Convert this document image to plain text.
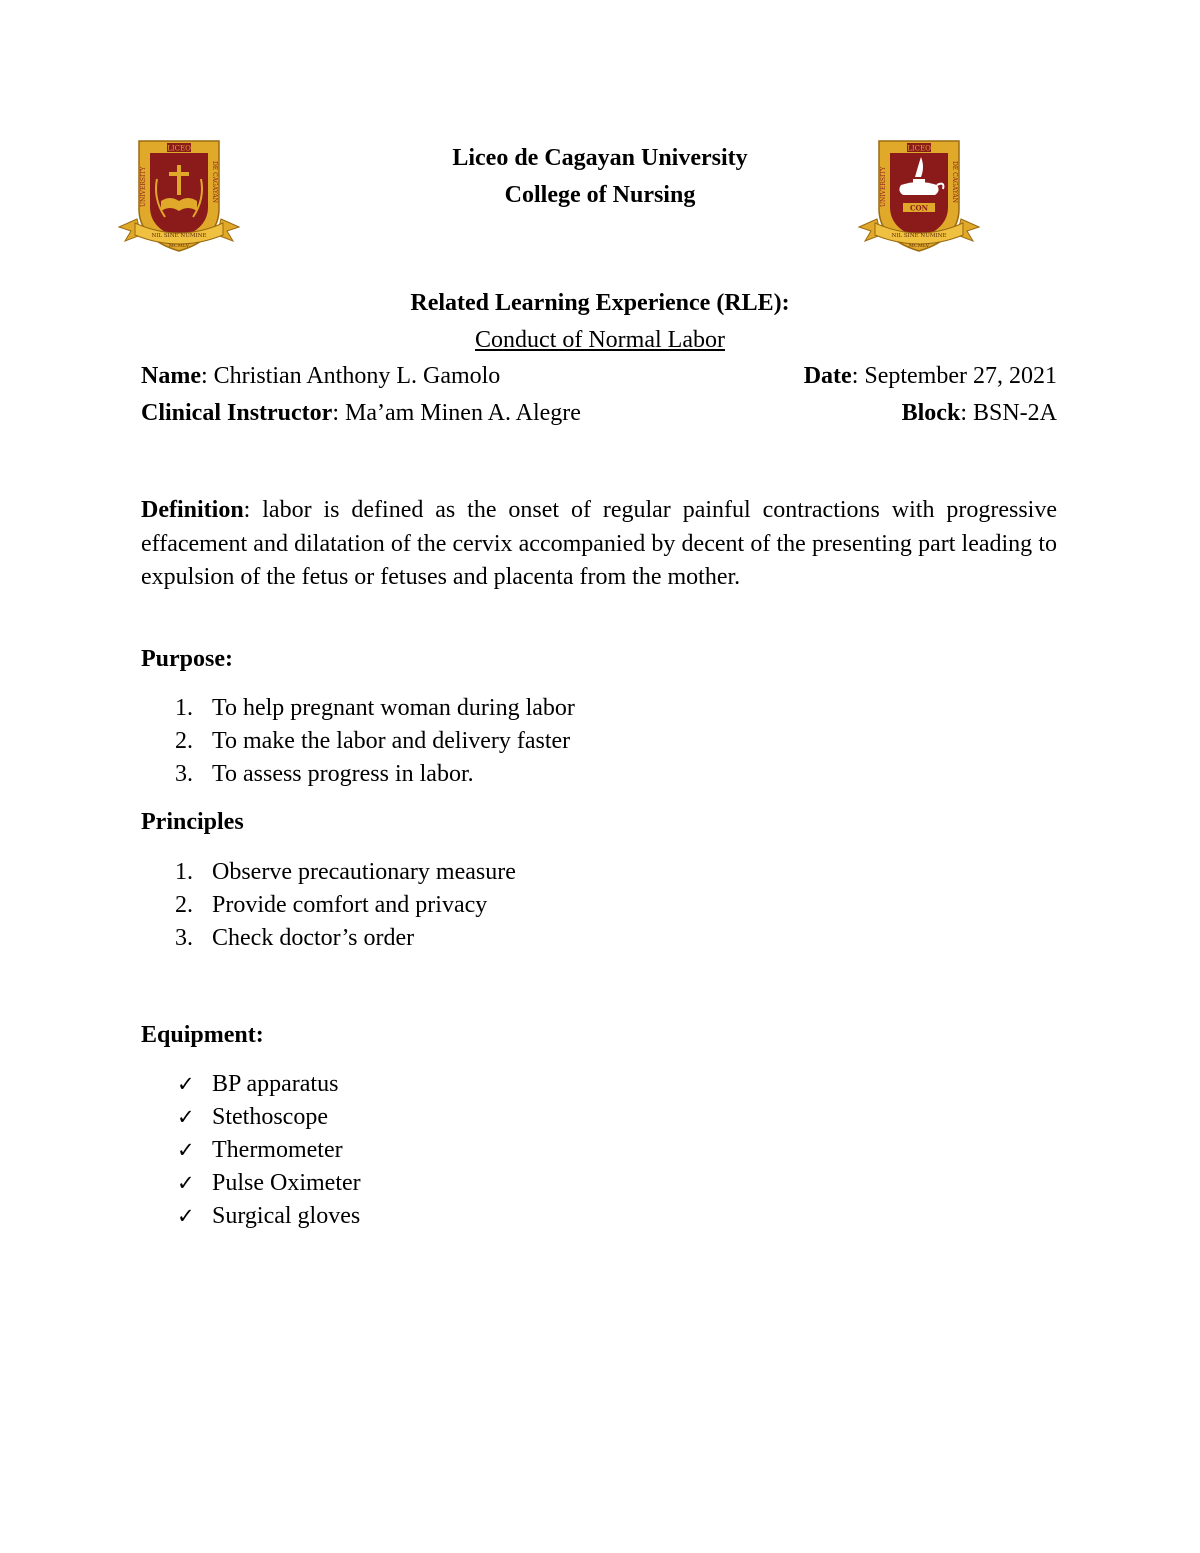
LICEO
UNIVERSITY	DE CAGAYAN
NIL SINE NUMINE
MCMLV
LICEO
UNIVERSITY	DE CAGAYAN
CON
NIL SINE NUMINE
MCMLV
Liceo de Cagayan University
College of Nursing
Related Learning Experience (RLE):
Conduct of Normal Labor
Name: Christian Anthony L. Gamolo	Date: September 27, 2021
Clinical Instructor: Ma’am Minen A. Alegre	Block: BSN-2A

Definition: labor is defined as the onset of regular painful contractions with progressive effacement and dilatation of the cervix accompanied by decent of the presenting part leading to expulsion of the fetus or fetuses and placenta from the mother.

Purpose:
1. To help pregnant woman during labor
2. To make the labor and delivery faster
3. To assess progress in labor.
Principles
1. Observe precautionary measure
2. Provide comfort and privacy
3. Check doctor’s order
Equipment:
✓ BP apparatus
✓ Stethoscope
✓ Thermometer
✓ Pulse Oximeter
✓ Surgical gloves
